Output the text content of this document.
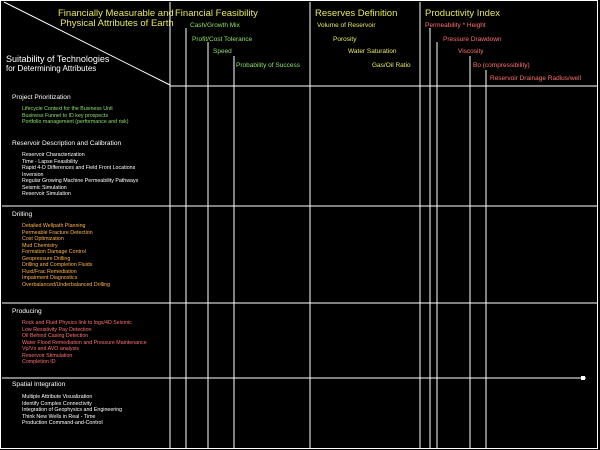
Financially Measurable and
Physical Attributes of Earth
Suitability of Technologies
for Determining Attributes
Financial Feasibility
Cash/Growth Mix
Profit/Cost Tolerance
Speed
Probability of Success
Reserves Definition
Volume of Reservoir
Porosity
Water Saturation
Gas/Oil Ratio
Productivity Index
Permeability * Height
Pressure Drawdown
Viscosity
Bo (compressibility)
Reservoir Drainage Radius/well
Project Prioritization
Lifecycle Context for the Business Unit
Business Funnel to ID key prospects
Portfolio management (performance and risk)
Reservoir Description and Calibration
Reservoir Characterization
Time - Lapse Feasibility
Rapid 4-D Differences and Field Front Locations
Inversion
Regular Growing Machine Permeability Pathways
Seismic Simulation
Reservoir Simulation
Drilling
Detailed Wellpath Planning
Permeable Fracture Detection
Cost Optimization
Mud Chemistry
Formation Damage Control
Geopressure Drilling
Drilling and Completion Fluids
Fluid/Frac Remediation
Impairment Diagnostics
Overbalanced/Underbalanced Drilling
Producing
Rock and Fluid Physics link to logs/4D Seismic
Low Resistivity Pay Detection
Oil Behind Casing Detection
Water Flood Remediation and Pressure Maintenance
Vp/Vs and AVO analysis
Reservoir Stimulation
Completion ID
Spatial Integration
Multiple Attribute Visualization
Identify Complex Connectivity
Integration of Geophysics and Engineering
Think New Wells in Real - Time
Production Command-and-Control
